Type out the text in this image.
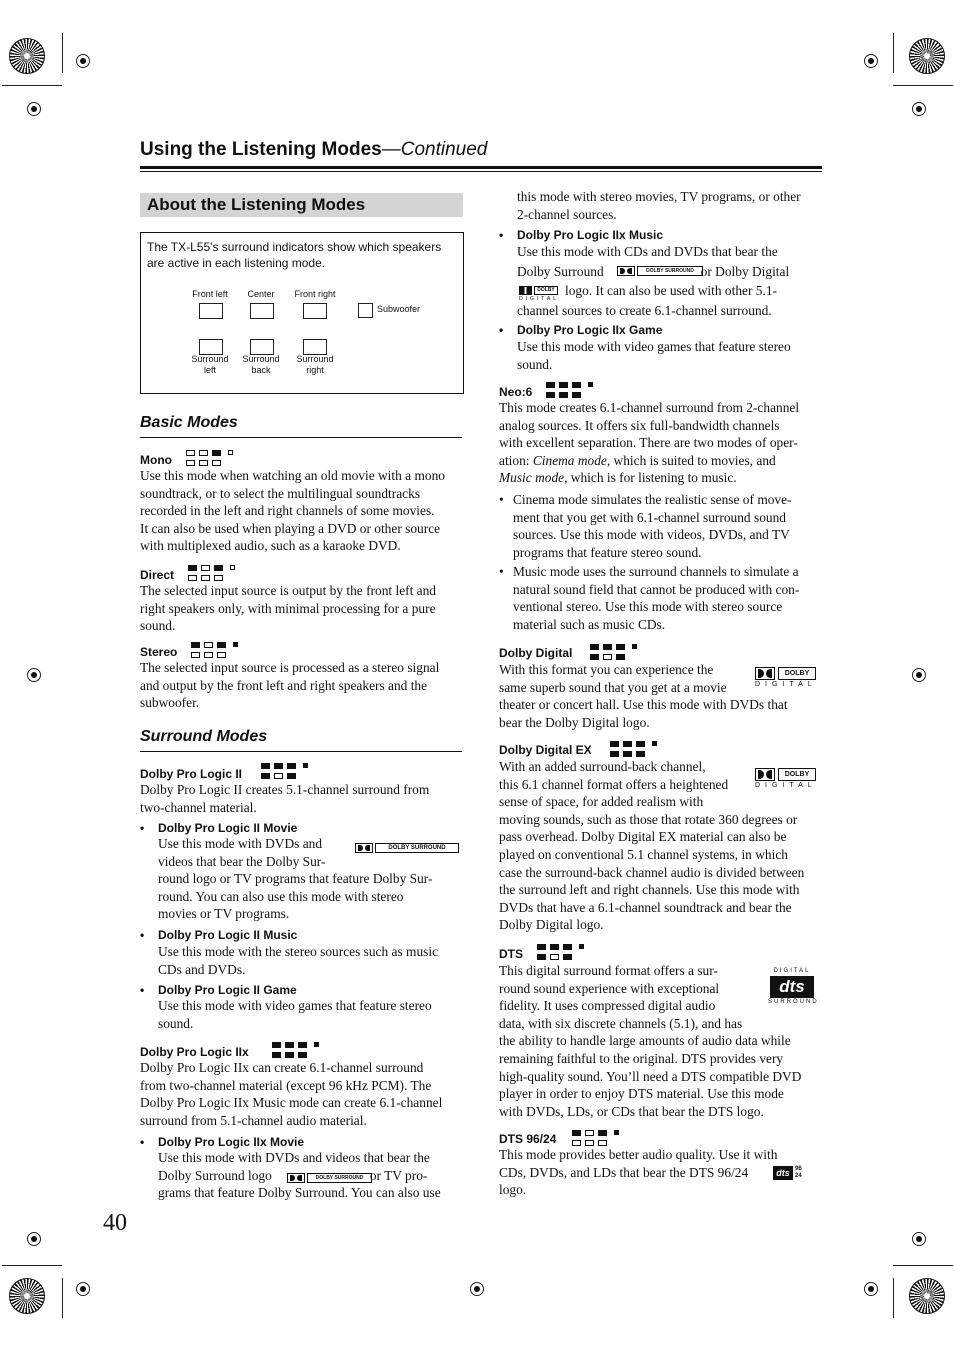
Using the Listening Modes—Continued
About the Listening Modes
The TX-L55's surround indicators show which speakers are active in each listening mode.
Front left	Center	Front right
Subwoofer
Surround
left
Surround
back
Surround
right
Basic Modes
Mono
Use this mode when watching an old movie with a mono
soundtrack, or to select the multilingual soundtracks
recorded in the left and right channels of some movies.
It can also be used when playing a DVD or other source
with multiplexed audio, such as a karaoke DVD.
Direct
The selected input source is output by the front left and
right speakers only, with minimal processing for a pure
sound.
Stereo
The selected input source is processed as a stereo signal
and output by the front left and right speakers and the
subwoofer.
Surround Modes
Dolby Pro Logic II
Dolby Pro Logic II creates 5.1-channel surround from
two-channel material.
• Dolby Pro Logic II Movie
DOLBY SURROUND
Use this mode with DVDs and
videos that bear the Dolby Sur-
round logo or TV programs that feature Dolby Sur-
round. You can also use this mode with stereo
movies or TV programs.
• Dolby Pro Logic II Music
Use this mode with the stereo sources such as music
CDs and DVDs.
• Dolby Pro Logic II Game
Use this mode with video games that feature stereo
sound.
Dolby Pro Logic IIx
Dolby Pro Logic IIx can create 6.1-channel surround
from two-channel material (except 96 kHz PCM). The
Dolby Pro Logic IIx Music mode can create 6.1-channel
surround from 5.1-channel audio material.
• Dolby Pro Logic IIx Movie
Use this mode with DVDs and videos that bear the
Dolby Surround logo	or TV pro-
grams that feature Dolby Surround. You can also use
DOLBY SURROUND
40
this mode with stereo movies, TV programs, or other
2-channel sources.
• Dolby Pro Logic IIx Music
Use this mode with CDs and DVDs that bear the
Dolby Surround	or Dolby Digital
logo. It can also be used with other 5.1-
channel sources to create 6.1-channel surround.
DOLBY SURROUND
DOLBY
DIGITAL
• Dolby Pro Logic IIx Game
Use this mode with video games that feature stereo
sound.
Neo:6
This mode creates 6.1-channel surround from 2-channel
analog sources. It offers six full-bandwidth channels
with excellent separation. There are two modes of oper-
ation: Cinema mode, which is suited to movies, and
Music mode, which is for listening to music.
• Cinema mode simulates the realistic sense of move-
ment that you get with 6.1-channel surround sound
sources. Use this mode with videos, DVDs, and TV
programs that feature stereo sound.
• Music mode uses the surround channels to simulate a
natural sound field that cannot be produced with con-
ventional stereo. Use this mode with stereo source
material such as music CDs.
Dolby Digital
DOLBY
DIGITAL
With this format you can experience the
same superb sound that you get at a movie
theater or concert hall. Use this mode with DVDs that
bear the Dolby Digital logo.
Dolby Digital EX
DOLBY
DIGITAL
With an added surround-back channel,
this 6.1 channel format offers a heightened
sense of space, for added realism with
moving sounds, such as those that rotate 360 degrees or
pass overhead. Dolby Digital EX material can also be
played on conventional 5.1 channel systems, in which
case the surround-back channel audio is divided between
the surround left and right channels. Use this mode with
DVDs that have a 6.1-channel soundtrack and bear the
Dolby Digital logo.
DTS
DIGITAL
dts
SURROUND
This digital surround format offers a sur-
round sound experience with exceptional
fidelity. It uses compressed digital audio
data, with six discrete channels (5.1), and has
the ability to handle large amounts of audio data while
remaining faithful to the original. DTS provides very
high-quality sound. You’ll need a DTS compatible DVD
player in order to enjoy DTS material. Use this mode
with DVDs, LDs, or CDs that bear the DTS logo.
DTS 96/24
This mode provides better audio quality. Use it with
CDs, DVDs, and LDs that bear the DTS 96/24
logo.
dts 96
24
